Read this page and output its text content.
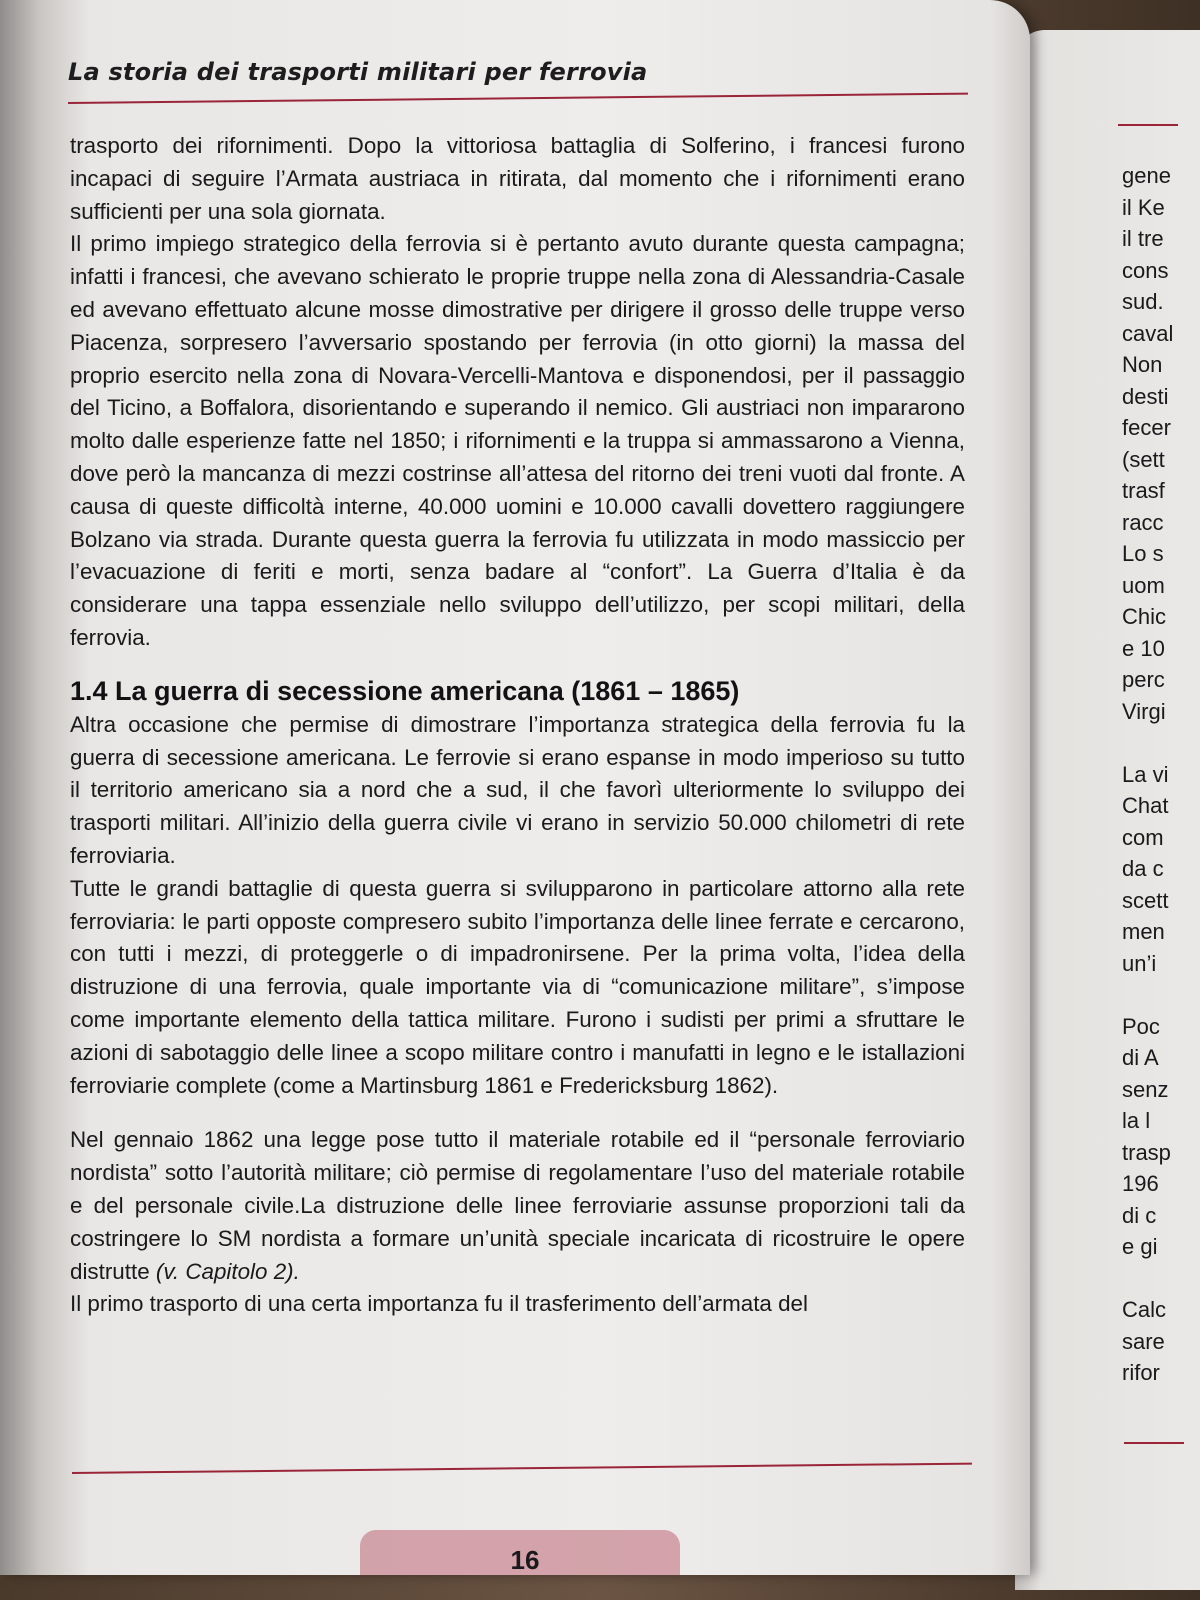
gene
il Ke
il tre
cons
sud.
caval
Non
desti
fecer
(sett
trasf
racc
Lo s
uom
Chic
e 10
perc
Virgi
La vi
Chat
com
da c
scett
men
un’i
Poc
di A
senz
la l
trasp
196
di c
e gi
Calc
sare
rifor
La storia dei trasporti militari per ferrovia

trasporto dei rifornimenti. Dopo la vittoriosa battaglia di Solferino, i francesi furono incapaci di seguire l’Armata austriaca in ritirata, dal momento che i rifornimenti erano sufficienti per una sola giornata.

Il primo impiego strategico della ferrovia si è pertanto avuto durante questa campagna; infatti i francesi, che avevano schierato le proprie truppe nella zona di Alessandria-Casale ed avevano effettuato alcune mosse dimostrative per dirigere il grosso delle truppe verso Piacenza, sorpresero l’avversario spostando per ferrovia (in otto giorni) la massa del proprio esercito nella zona di Novara-Vercelli-Mantova e disponendosi, per il passaggio del Ticino, a Boffalora, disorientando e superando il nemico. Gli austriaci non impararono molto dalle esperienze fatte nel 1850; i rifornimenti e la truppa si ammassarono a Vienna, dove però la mancanza di mezzi costrinse all’attesa del ritorno dei treni vuoti dal fronte. A causa di queste difficoltà interne, 40.000 uomini e 10.000 cavalli dovettero raggiungere Bolzano via strada. Durante questa guerra la ferrovia fu utilizzata in modo massiccio per l’evacuazione di feriti e morti, senza badare al “confort”. La Guerra d’Italia è da considerare una tappa essenziale nello sviluppo dell’utilizzo, per scopi militari, della ferrovia.

1.4 La guerra di secessione americana (1861 – 1865)

Altra occasione che permise di dimostrare l’importanza strategica della ferrovia fu la guerra di secessione americana. Le ferrovie si erano espanse in modo imperioso su tutto il territorio americano sia a nord che a sud, il che favorì ulteriormente lo sviluppo dei trasporti militari. All’inizio della guerra civile vi erano in servizio 50.000 chilometri di rete ferroviaria.

Tutte le grandi battaglie di questa guerra si svilupparono in particolare attorno alla rete ferroviaria: le parti opposte compresero subito l’importanza delle linee ferrate e cercarono, con tutti i mezzi, di proteggerle o di impadronirsene. Per la prima volta, l’idea della distruzione di una ferrovia, quale importante via di “comunicazione militare”, s’impose come importante elemento della tattica militare. Furono i sudisti per primi a sfruttare le azioni di sabotaggio delle linee a scopo militare contro i manufatti in legno e le istallazioni ferroviarie complete (come a Martinsburg 1861 e Fredericksburg 1862).

Nel gennaio 1862 una legge pose tutto il materiale rotabile ed il “personale ferroviario nordista” sotto l’autorità militare; ciò permise di regolamentare l’uso del materiale rotabile e del personale civile.La distruzione delle linee ferroviarie assunse proporzioni tali da costringere lo SM nordista a formare un’unità speciale incaricata di ricostruire le opere distrutte (v. Capitolo 2).

Il primo trasporto di una certa importanza fu il trasferimento dell’armata del

16
